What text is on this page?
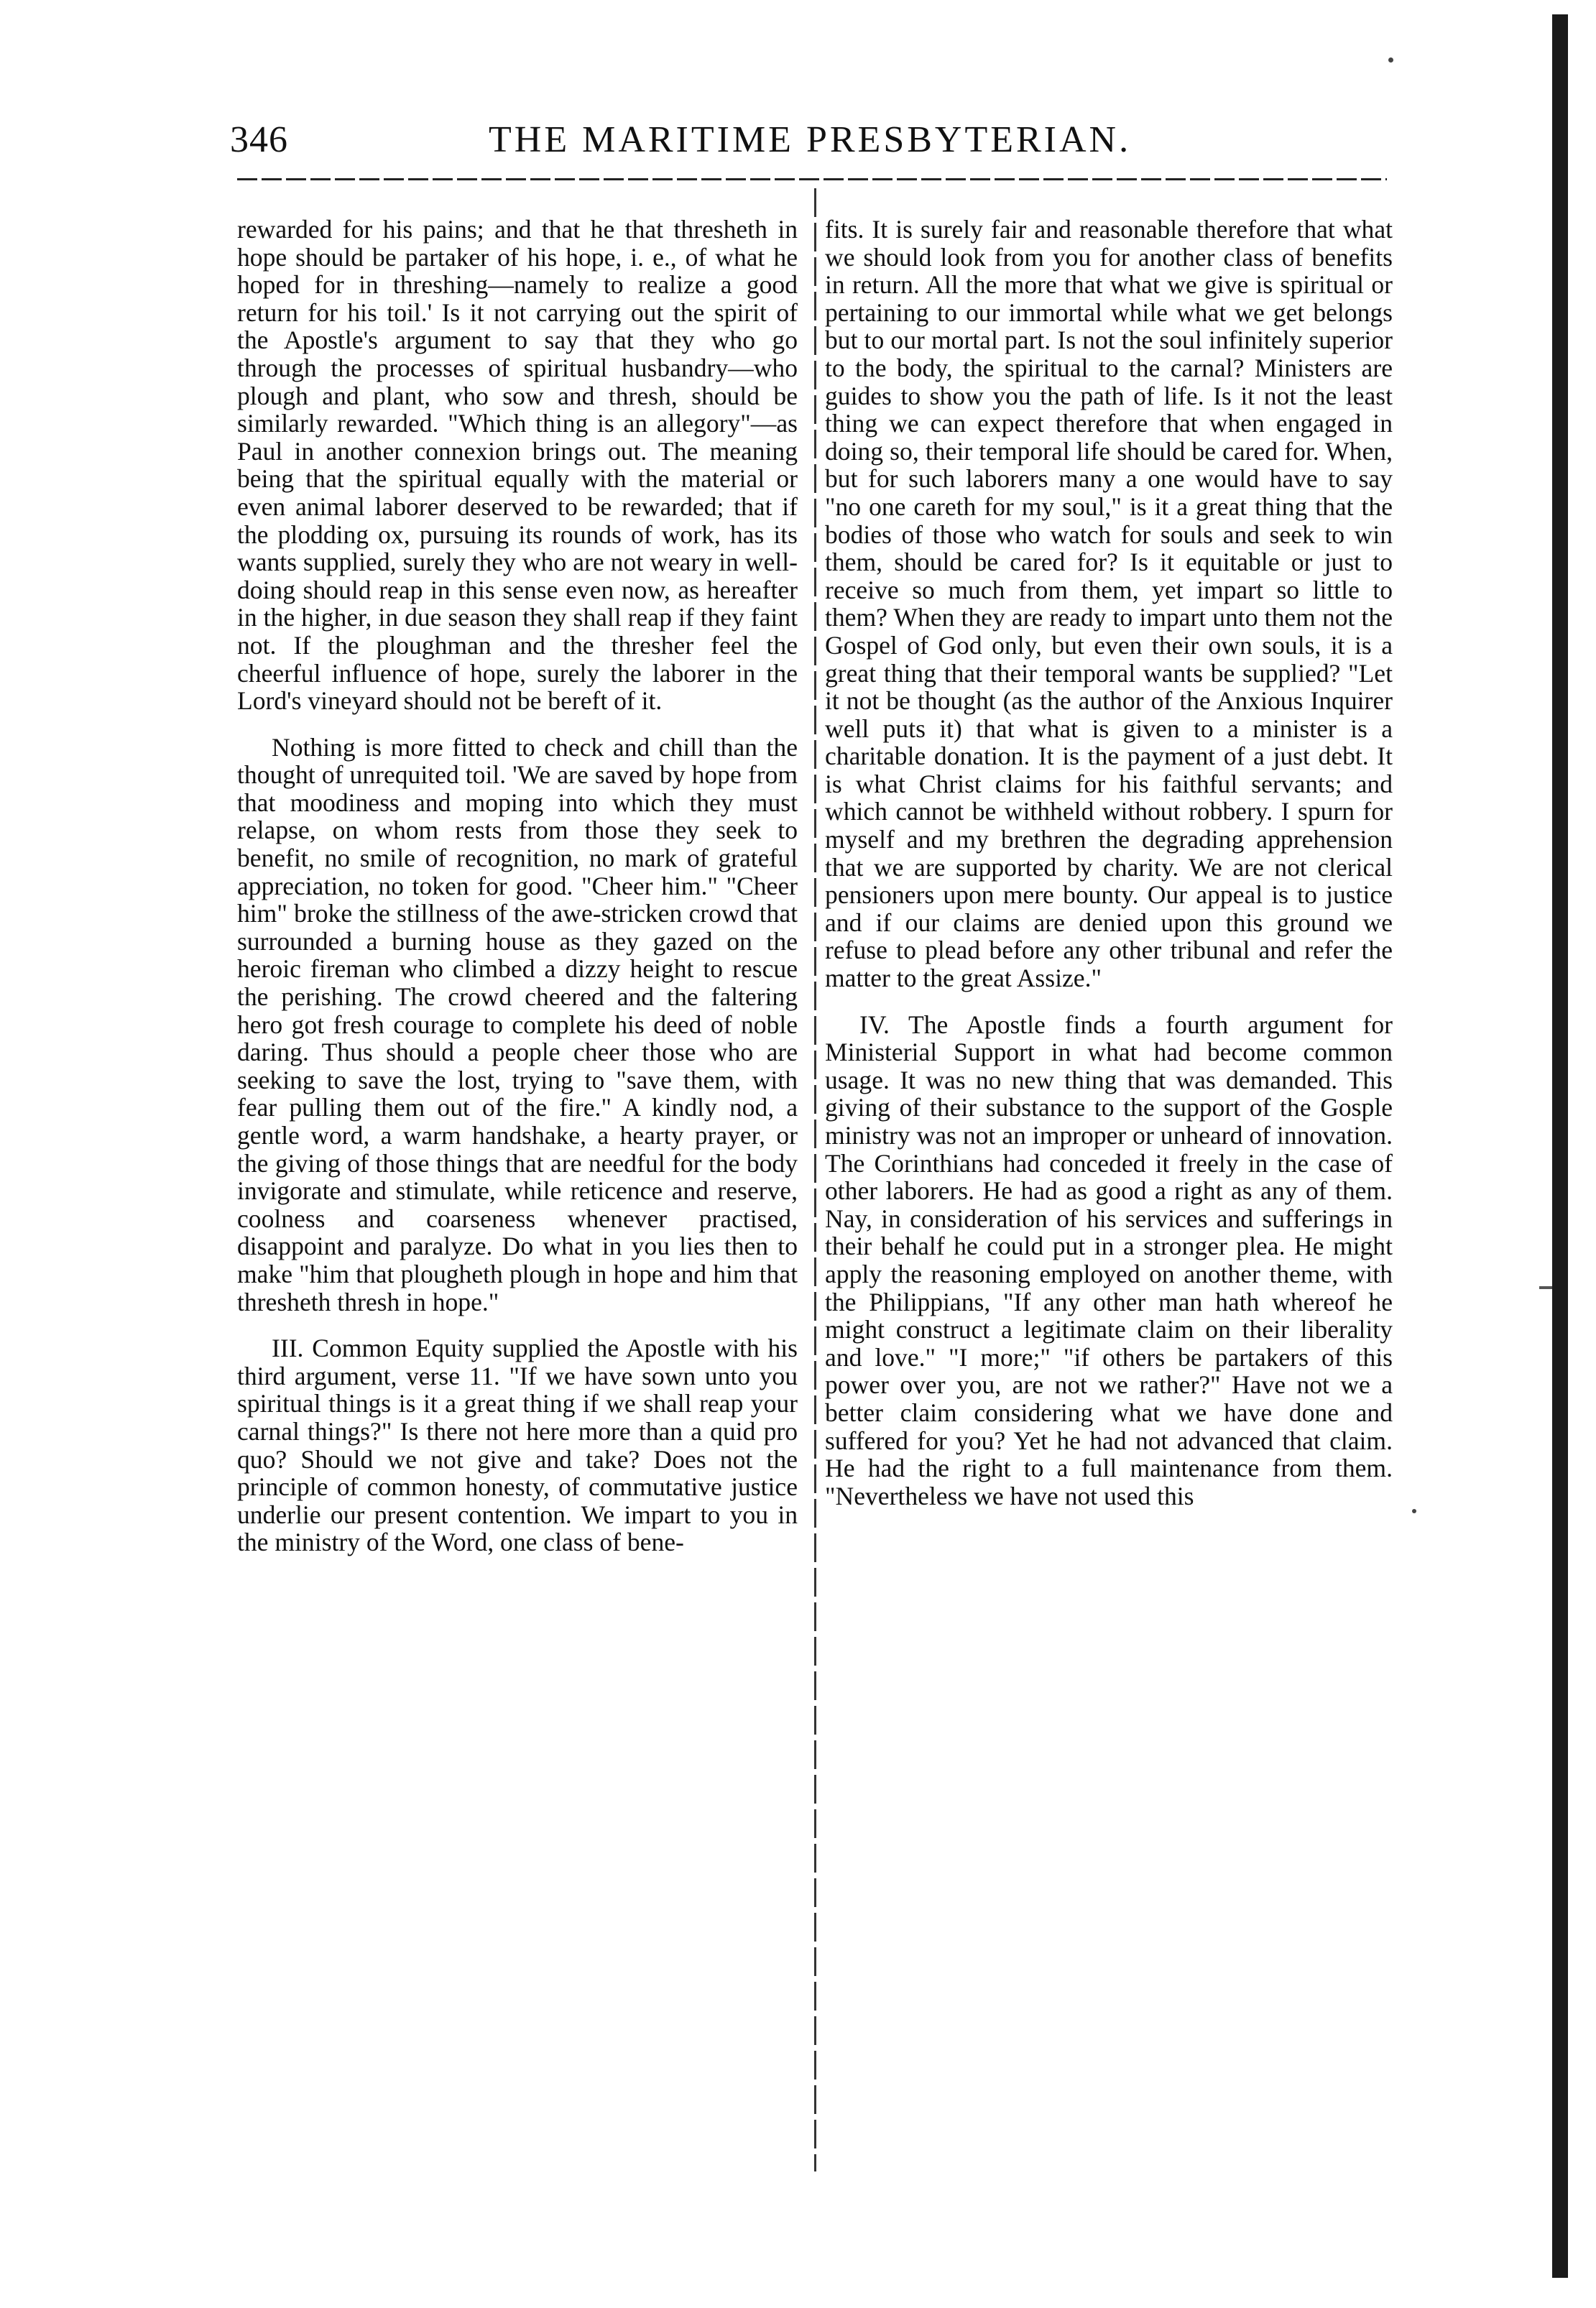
346	THE MARITIME PRESBYTERIAN.

rewarded for his pains; and that he that thresheth in hope should be partaker of his hope, i. e., of what he hoped for in threshing—namely to realize a good return for his toil.' Is it not carrying out the spirit of the Apostle's argument to say that they who go through the processes of spiritual husbandry—who plough and plant, who sow and thresh, should be similarly rewarded. "Which thing is an allegory"—as Paul in another connexion brings out. The meaning being that the spiritual equally with the material or even animal laborer deserved to be rewarded; that if the plodding ox, pursuing its rounds of work, has its wants supplied, surely they who are not weary in well-doing should reap in this sense even now, as hereafter in the higher, in due season they shall reap if they faint not. If the ploughman and the thresher feel the cheerful influence of hope, surely the laborer in the Lord's vineyard should not be bereft of it.

Nothing is more fitted to check and chill than the thought of unrequited toil. 'We are saved by hope from that moodiness and moping into which they must relapse, on whom rests from those they seek to benefit, no smile of recognition, no mark of grateful appreciation, no token for good. "Cheer him." "Cheer him" broke the stillness of the awe-stricken crowd that surrounded a burning house as they gazed on the heroic fireman who climbed a dizzy height to rescue the perishing. The crowd cheered and the faltering hero got fresh courage to complete his deed of noble daring. Thus should a people cheer those who are seeking to save the lost, trying to "save them, with fear pulling them out of the fire." A kindly nod, a gentle word, a warm handshake, a hearty prayer, or the giving of those things that are needful for the body invigorate and stimulate, while reticence and reserve, coolness and coarseness whenever practised, disappoint and paralyze. Do what in you lies then to make "him that plougheth plough in hope and him that thresheth thresh in hope."

III. Common Equity supplied the Apostle with his third argument, verse 11. "If we have sown unto you spiritual things is it a great thing if we shall reap your carnal things?" Is there not here more than a quid pro quo? Should we not give and take? Does not the principle of common honesty, of commutative justice underlie our present contention. We impart to you in the ministry of the Word, one class of bene-

fits. It is surely fair and reasonable therefore that what we should look from you for another class of benefits in return. All the more that what we give is spiritual or pertaining to our immortal while what we get belongs but to our mortal part. Is not the soul infinitely superior to the body, the spiritual to the carnal? Ministers are guides to show you the path of life. Is it not the least thing we can expect therefore that when engaged in doing so, their temporal life should be cared for. When, but for such laborers many a one would have to say "no one careth for my soul," is it a great thing that the bodies of those who watch for souls and seek to win them, should be cared for? Is it equitable or just to receive so much from them, yet impart so little to them? When they are ready to impart unto them not the Gospel of God only, but even their own souls, it is a great thing that their temporal wants be supplied? "Let it not be thought (as the author of the Anxious Inquirer well puts it) that what is given to a minister is a charitable donation. It is the payment of a just debt. It is what Christ claims for his faithful servants; and which cannot be withheld without robbery. I spurn for myself and my brethren the degrading apprehension that we are supported by charity. We are not clerical pensioners upon mere bounty. Our appeal is to justice and if our claims are denied upon this ground we refuse to plead before any other tribunal and refer the matter to the great Assize."

IV. The Apostle finds a fourth argument for Ministerial Support in what had become common usage. It was no new thing that was demanded. This giving of their substance to the support of the Gosple ministry was not an improper or unheard of innovation. The Corinthians had conceded it freely in the case of other laborers. He had as good a right as any of them. Nay, in consideration of his services and sufferings in their behalf he could put in a stronger plea. He might apply the reasoning employed on another theme, with the Philippians, "If any other man hath whereof he might construct a legitimate claim on their liberality and love." "I more;" "if others be partakers of this power over you, are not we rather?" Have not we a better claim considering what we have done and suffered for you? Yet he had not advanced that claim. He had the right to a full maintenance from them. "Nevertheless we have not used this
